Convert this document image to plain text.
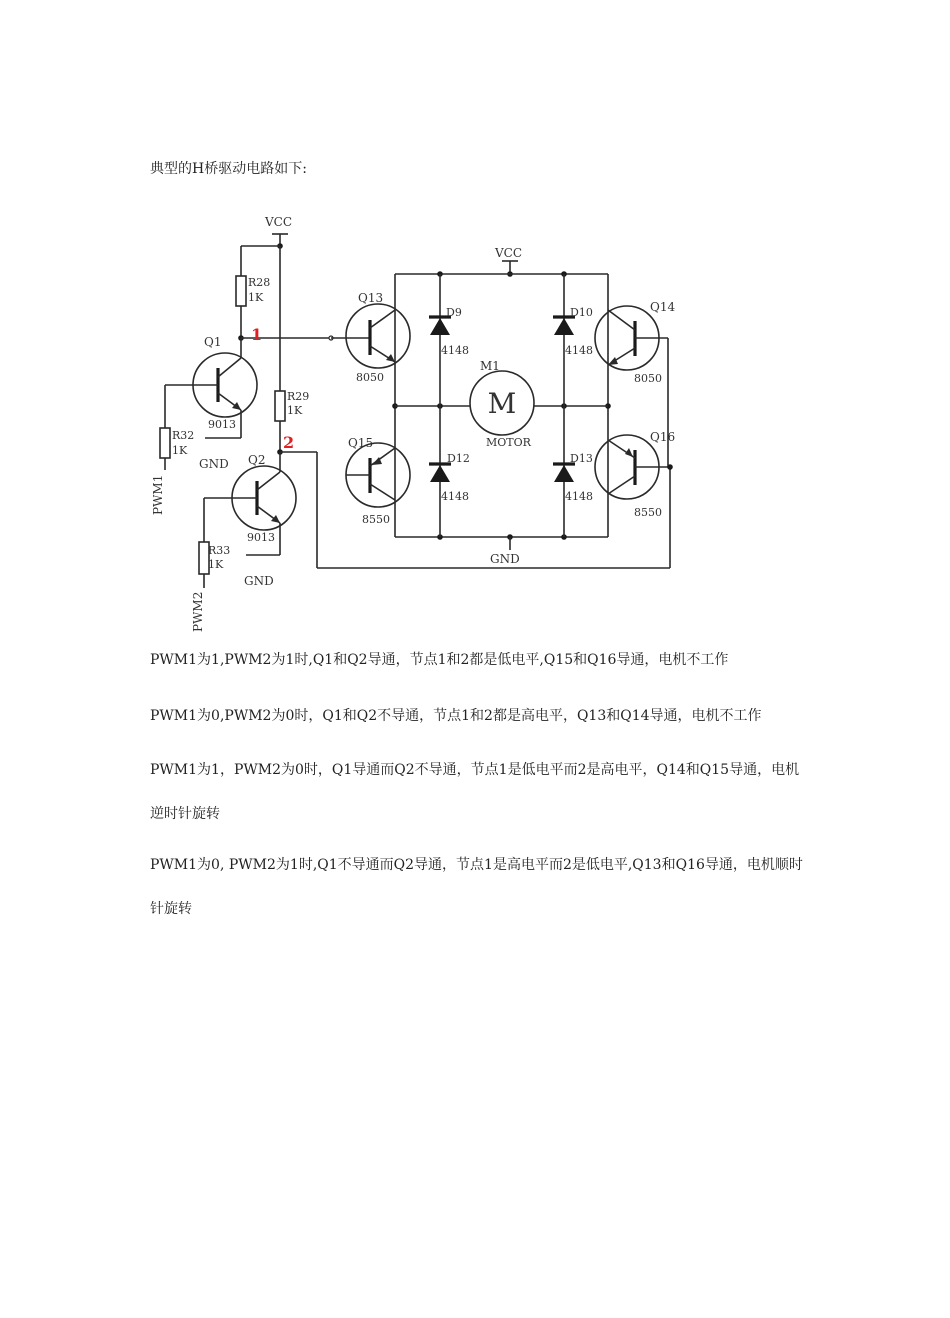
典型的H桥驱动电路如下:

VCC
R28
1K
1
Q1
9013
GND
R32
1K
PWM1
R29
1K
2
Q2
9013
GND
R33
1K
PWM2
VCC
GND
D9
4148
D10
4148
D12
4148
D13
4148
M
M1
MOTOR
Q13
8050
Q15
8550
Q14
8050
Q16
8550

PWM1为1,PWM2为1时,Q1和Q2导通，节点1和2都是低电平,Q15和Q16导通，电机不工作

PWM1为0,PWM2为0时，Q1和Q2不导通，节点1和2都是高电平，Q13和Q14导通，电机不工作

PWM1为1，PWM2为0时，Q1导通而Q2不导通，节点1是低电平而2是高电平，Q14和Q15导通，电机逆时针旋转

PWM1为0, PWM2为1时,Q1不导通而Q2导通，节点1是高电平而2是低电平,Q13和Q16导通，电机顺时针旋转
